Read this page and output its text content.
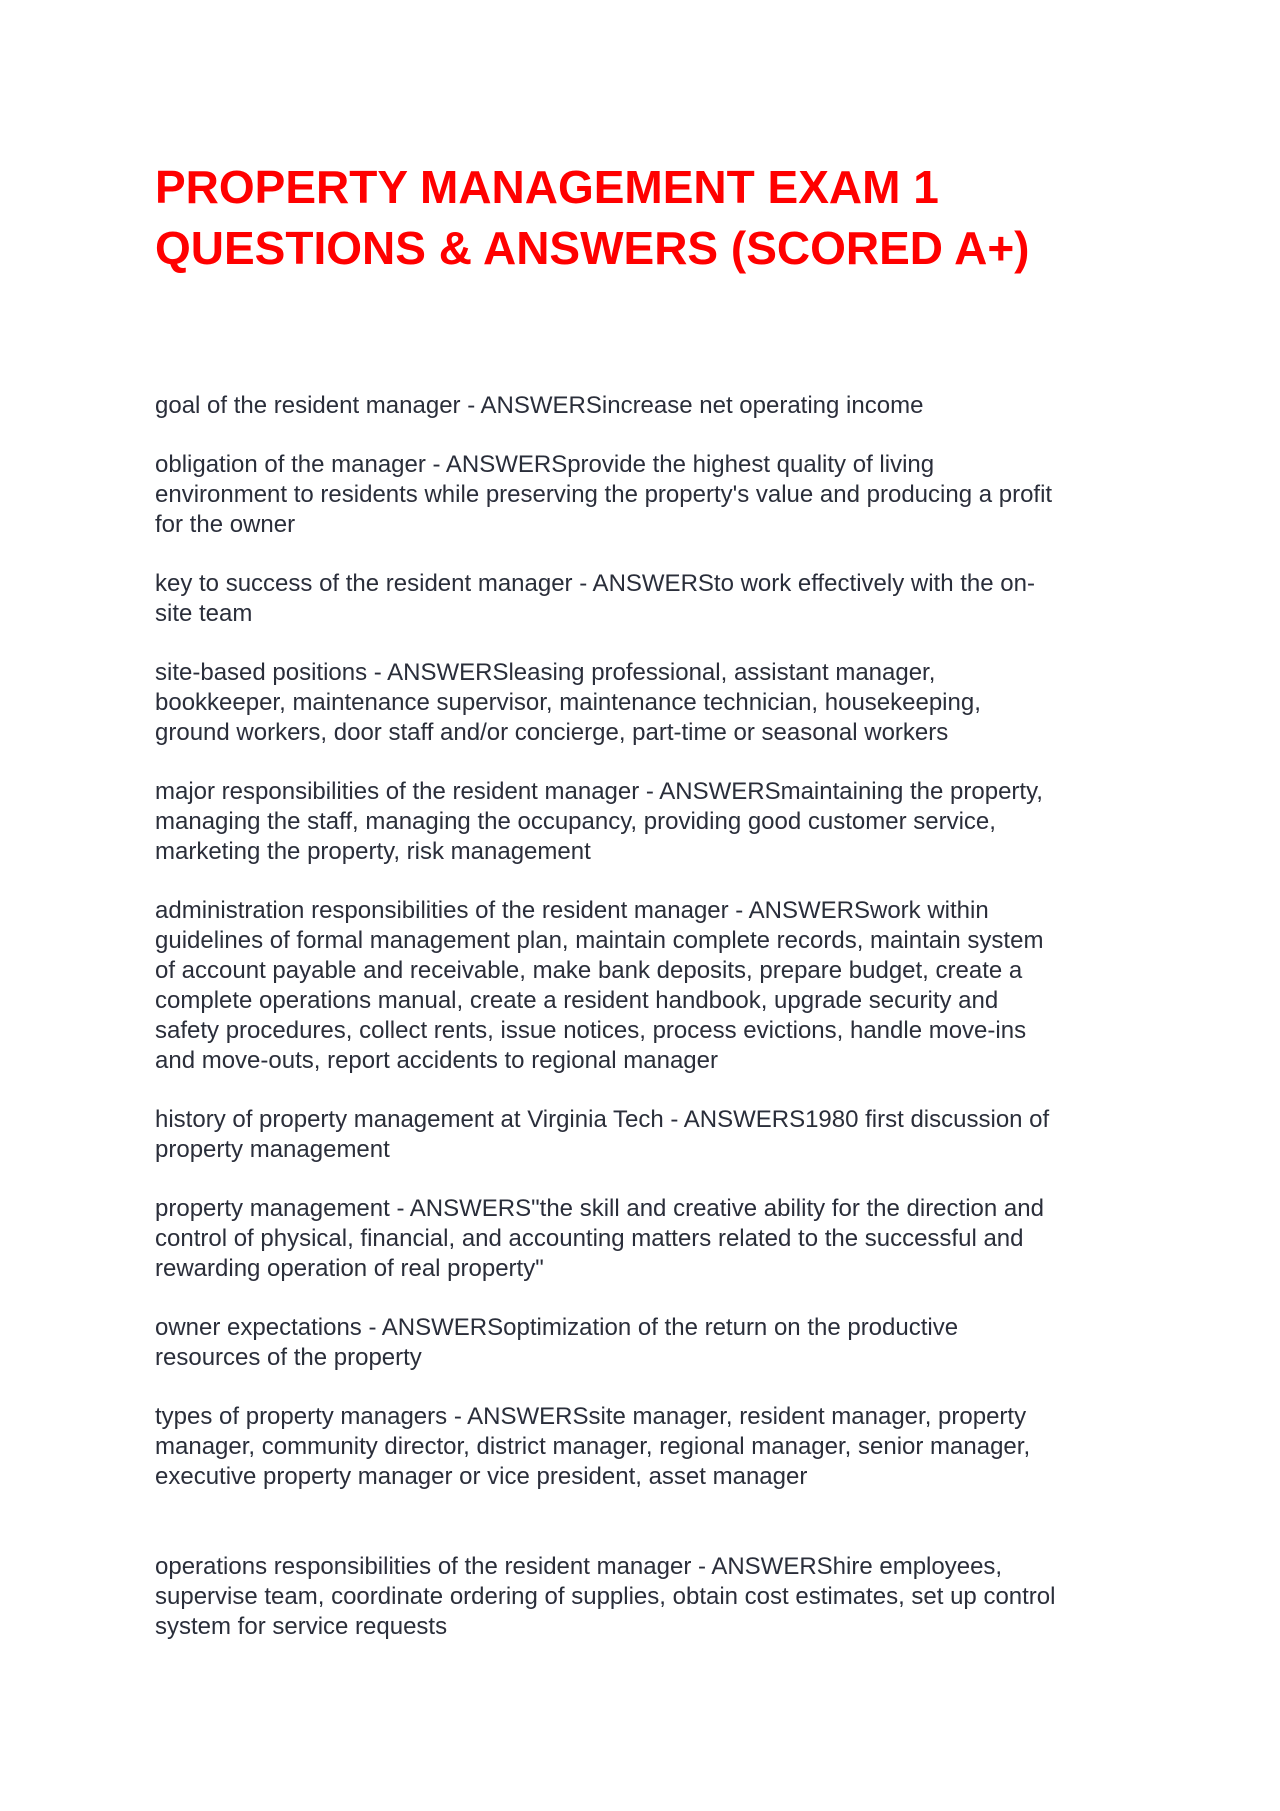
PROPERTY MANAGEMENT EXAM 1 QUESTIONS & ANSWERS (SCORED A+)
goal of the resident manager - ANSWERSincrease net operating income
obligation of the manager - ANSWERSprovide the highest quality of living
environment to residents while preserving the property's value and producing a profit
for the owner
key to success of the resident manager - ANSWERSto work effectively with the on-
site team
site-based positions - ANSWERSleasing professional, assistant manager,
bookkeeper, maintenance supervisor, maintenance technician, housekeeping,
ground workers, door staff and/or concierge, part-time or seasonal workers
major responsibilities of the resident manager - ANSWERSmaintaining the property,
managing the staff, managing the occupancy, providing good customer service,
marketing the property, risk management
administration responsibilities of the resident manager - ANSWERSwork within
guidelines of formal management plan, maintain complete records, maintain system
of account payable and receivable, make bank deposits, prepare budget, create a
complete operations manual, create a resident handbook, upgrade security and
safety procedures, collect rents, issue notices, process evictions, handle move-ins
and move-outs, report accidents to regional manager
history of property management at Virginia Tech - ANSWERS1980 first discussion of
property management
property management - ANSWERS"the skill and creative ability for the direction and
control of physical, financial, and accounting matters related to the successful and
rewarding operation of real property"
owner expectations - ANSWERSoptimization of the return on the productive
resources of the property
types of property managers - ANSWERSsite manager, resident manager, property
manager, community director, district manager, regional manager, senior manager,
executive property manager or vice president, asset manager
operations responsibilities of the resident manager - ANSWERShire employees,
supervise team, coordinate ordering of supplies, obtain cost estimates, set up control
system for service requests
